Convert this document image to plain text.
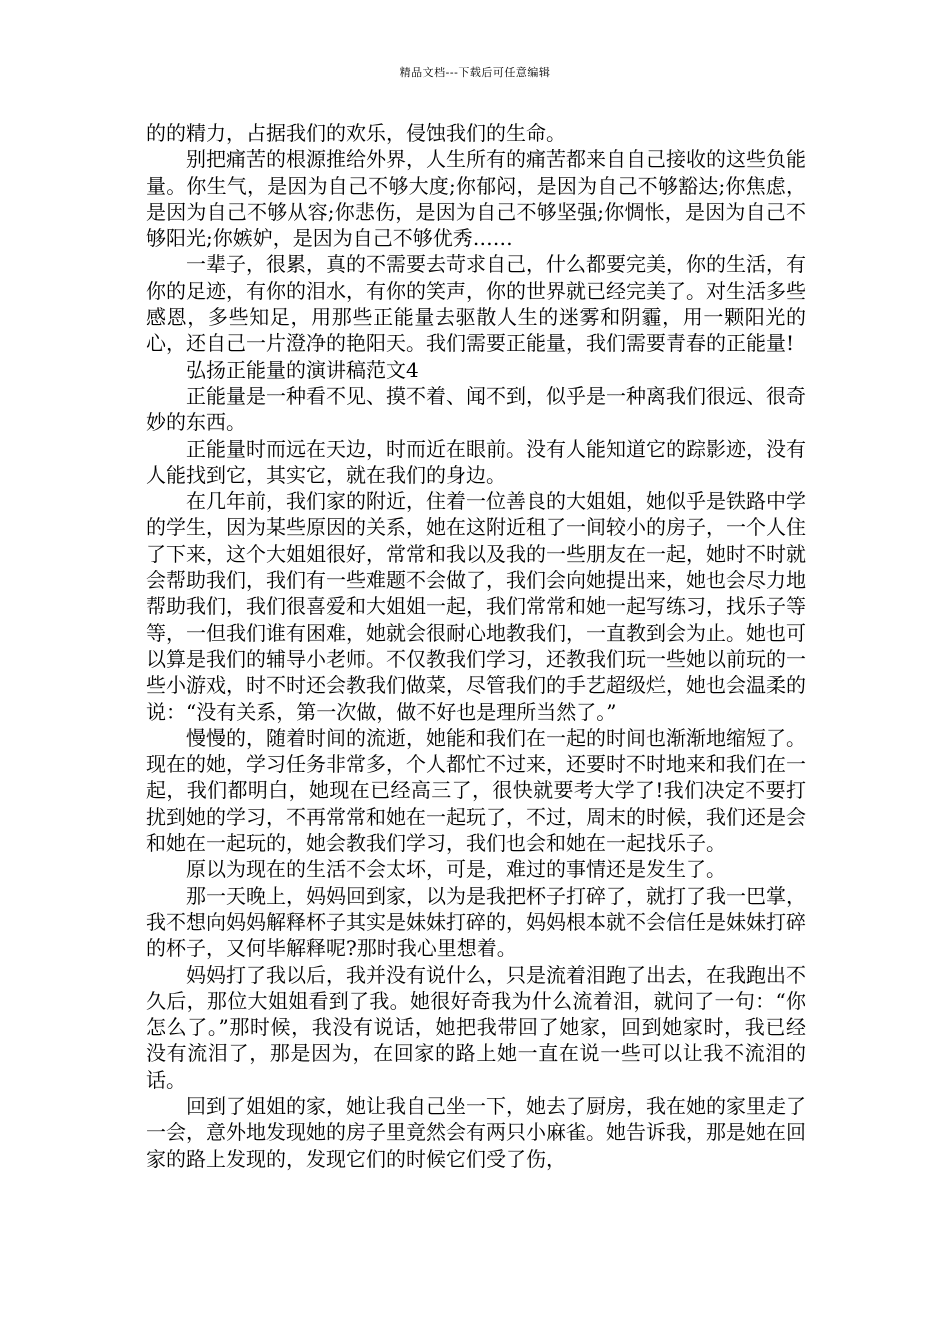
精品文档---下载后可任意编辑

的的精力，占据我们的欢乐，侵蚀我们的生命。

别把痛苦的根源推给外界，人生所有的痛苦都来自自己接收的这些负能量。你生气，是因为自己不够大度;你郁闷，是因为自己不够豁达;你焦虑，是因为自己不够从容;你悲伤，是因为自己不够坚强;你惆怅，是因为自己不够阳光;你嫉妒，是因为自己不够优秀……

一辈子，很累，真的不需要去苛求自己，什么都要完美，你的生活，有你的足迹，有你的泪水，有你的笑声，你的世界就已经完美了。对生活多些感恩，多些知足，用那些正能量去驱散人生的迷雾和阴霾，用一颗阳光的心，还自己一片澄净的艳阳天。我们需要正能量，我们需要青春的正能量!

弘扬正能量的演讲稿范文4

正能量是一种看不见、摸不着、闻不到，似乎是一种离我们很远、很奇妙的东西。

正能量时而远在天边，时而近在眼前。没有人能知道它的踪影迹，没有人能找到它，其实它，就在我们的身边。

在几年前，我们家的附近，住着一位善良的大姐姐，她似乎是铁路中学的学生，因为某些原因的关系，她在这附近租了一间较小的房子，一个人住了下来，这个大姐姐很好，常常和我以及我的一些朋友在一起，她时不时就会帮助我们，我们有一些难题不会做了，我们会向她提出来，她也会尽力地帮助我们，我们很喜爱和大姐姐一起，我们常常和她一起写练习，找乐子等等，一但我们谁有困难，她就会很耐心地教我们，一直教到会为止。她也可以算是我们的辅导小老师。不仅教我们学习，还教我们玩一些她以前玩的一些小游戏，时不时还会教我们做菜，尽管我们的手艺超级烂，她也会温柔的说：“没有关系，第一次做，做不好也是理所当然了。”

慢慢的，随着时间的流逝，她能和我们在一起的时间也渐渐地缩短了。现在的她，学习任务非常多，个人都忙不过来，还要时不时地来和我们在一起，我们都明白，她现在已经高三了，很快就要考大学了!我们决定不要打扰到她的学习，不再常常和她在一起玩了，不过，周末的时候，我们还是会和她在一起玩的，她会教我们学习，我们也会和她在一起找乐子。

原以为现在的生活不会太坏，可是，难过的事情还是发生了。

那一天晚上，妈妈回到家，以为是我把杯子打碎了，就打了我一巴掌，我不想向妈妈解释杯子其实是妹妹打碎的，妈妈根本就不会信任是妹妹打碎的杯子，又何毕解释呢?那时我心里想着。

妈妈打了我以后，我并没有说什么，只是流着泪跑了出去，在我跑出不久后，那位大姐姐看到了我。她很好奇我为什么流着泪，就问了一句：“你怎么了。”那时候，我没有说话，她把我带回了她家，回到她家时，我已经没有流泪了，那是因为，在回家的路上她一直在说一些可以让我不流泪的话。

回到了姐姐的家，她让我自己坐一下，她去了厨房，我在她的家里走了一会，意外地发现她的房子里竟然会有两只小麻雀。她告诉我，那是她在回家的路上发现的，发现它们的时候它们受了伤，
